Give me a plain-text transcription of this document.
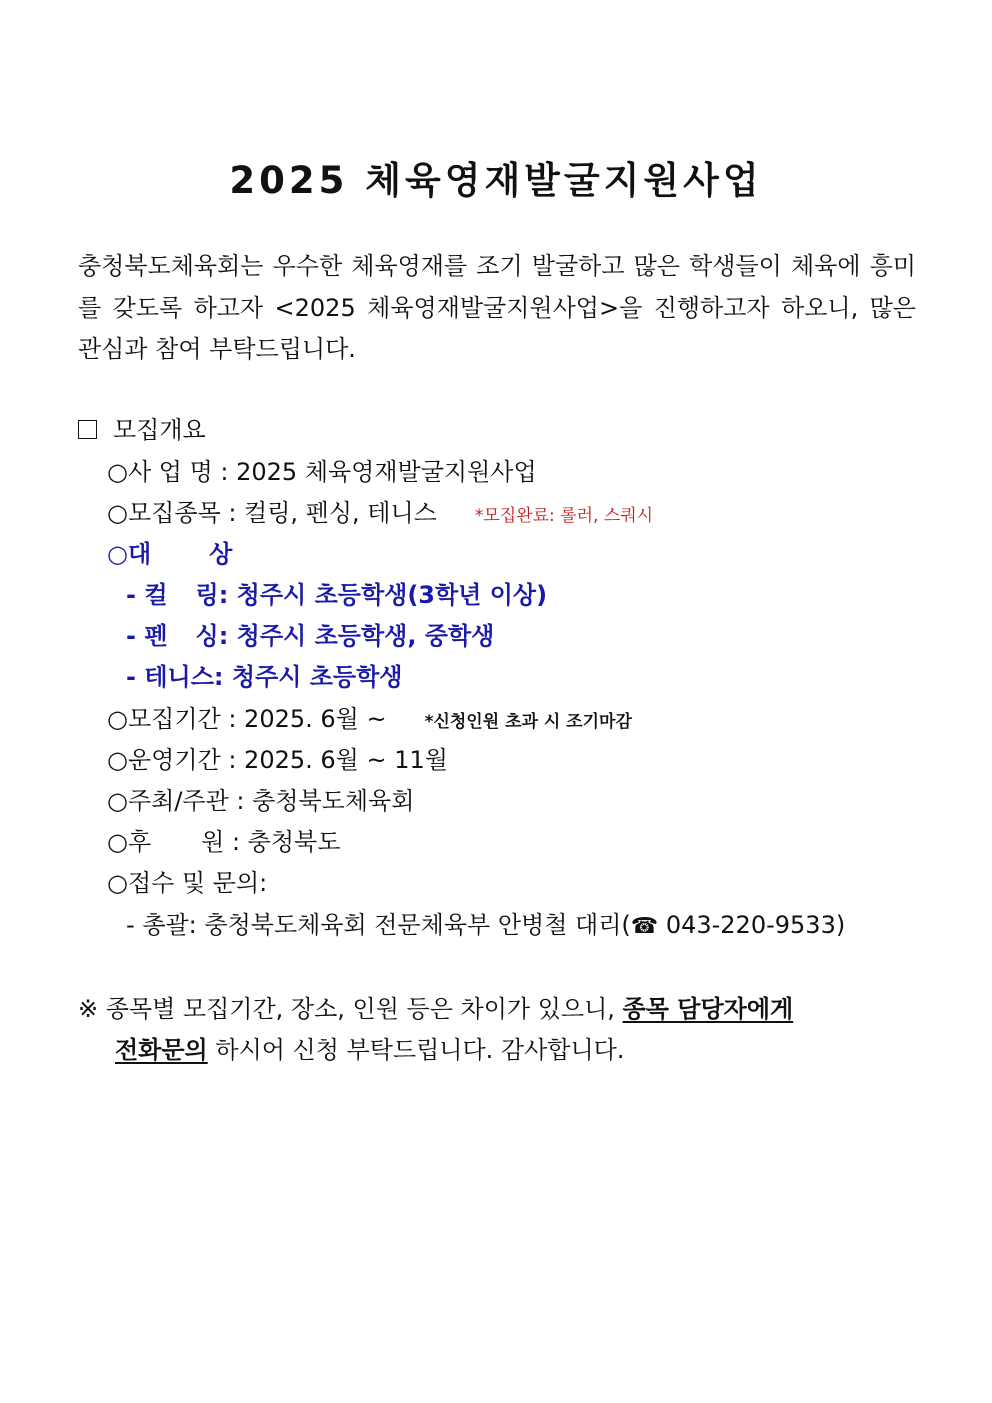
2025 체육영재발굴지원사업
충청북도체육회는 우수한 체육영재를 조기 발굴하고 많은 학생들이 체육에 흥미를 갖도록 하고자 <2025 체육영재발굴지원사업>을 진행하고자 하오니, 많은 관심과 참여 부탁드립니다.
모집개요
○사 업 명 : 2025 체육영재발굴지원사업
○모집종목 : 컬링, 펜싱, 테니스 *모집완료: 롤러, 스쿼시
○대 상
- 컬 링: 청주시 초등학생(3학년 이상)
- 펜 싱: 청주시 초등학생, 중학생
- 테니스: 청주시 초등학생
○모집기간 : 2025. 6월 ~ *신청인원 초과 시 조기마감
○운영기간 : 2025. 6월 ~ 11월
○주최/주관 : 충청북도체육회
○후 원 : 충청북도
○접수 및 문의:
- 총괄: 충청북도체육회 전문체육부 안병철 대리(☎ 043-220-9533)
※ 종목별 모집기간, 장소, 인원 등은 차이가 있으니, 종목 담당자에게
전화문의 하시어 신청 부탁드립니다. 감사합니다.
